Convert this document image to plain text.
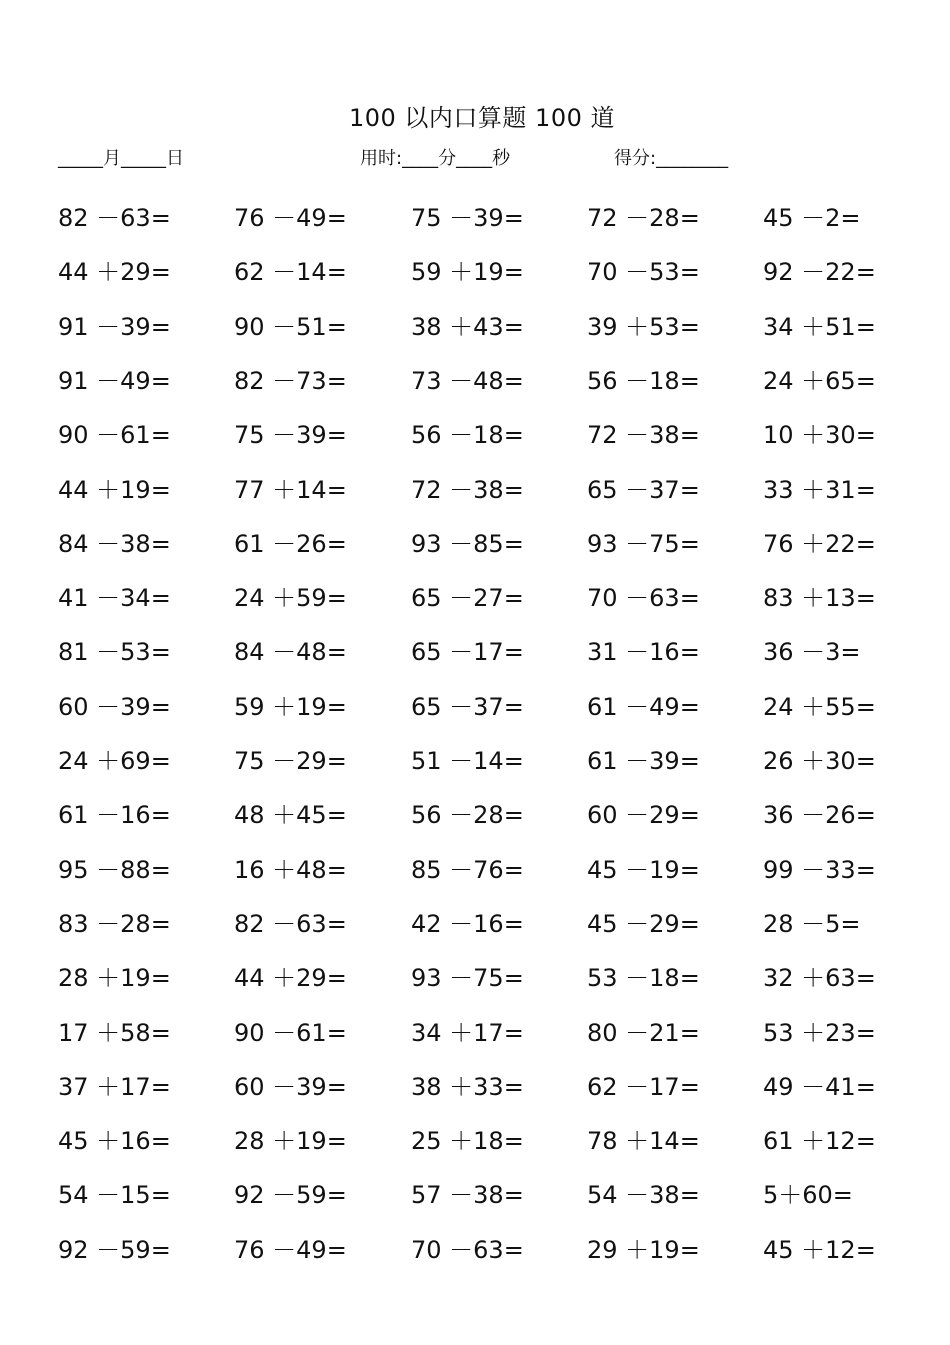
100 以内口算题 100 道
_____月_____日	用时:____分____秒	得分:________
82 －63=	76 －49=	75 －39=	72 －28=	45 －2=
44 ＋29=	62 －14=	59 ＋19=	70 －53=	92 －22=
91 －39=	90 －51=	38 ＋43=	39 ＋53=	34 ＋51=
91 －49=	82 －73=	73 －48=	56 －18=	24 ＋65=
90 －61=	75 －39=	56 －18=	72 －38=	10 ＋30=
44 ＋19=	77 ＋14=	72 －38=	65 －37=	33 ＋31=
84 －38=	61 －26=	93 －85=	93 －75=	76 ＋22=
41 －34=	24 ＋59=	65 －27=	70 －63=	83 ＋13=
81 －53=	84 －48=	65 －17=	31 －16=	36 －3=
60 －39=	59 ＋19=	65 －37=	61 －49=	24 ＋55=
24 ＋69=	75 －29=	51 －14=	61 －39=	26 ＋30=
61 －16=	48 ＋45=	56 －28=	60 －29=	36 －26=
95 －88=	16 ＋48=	85 －76=	45 －19=	99 －33=
83 －28=	82 －63=	42 －16=	45 －29=	28 －5=
28 ＋19=	44 ＋29=	93 －75=	53 －18=	32 ＋63=
17 ＋58=	90 －61=	34 ＋17=	80 －21=	53 ＋23=
37 ＋17=	60 －39=	38 ＋33=	62 －17=	49 －41=
45 ＋16=	28 ＋19=	25 ＋18=	78 ＋14=	61 ＋12=
54 －15=	92 －59=	57 －38=	54 －38=	5＋60=
92 －59=	76 －49=	70 －63=	29 ＋19=	45 ＋12=
